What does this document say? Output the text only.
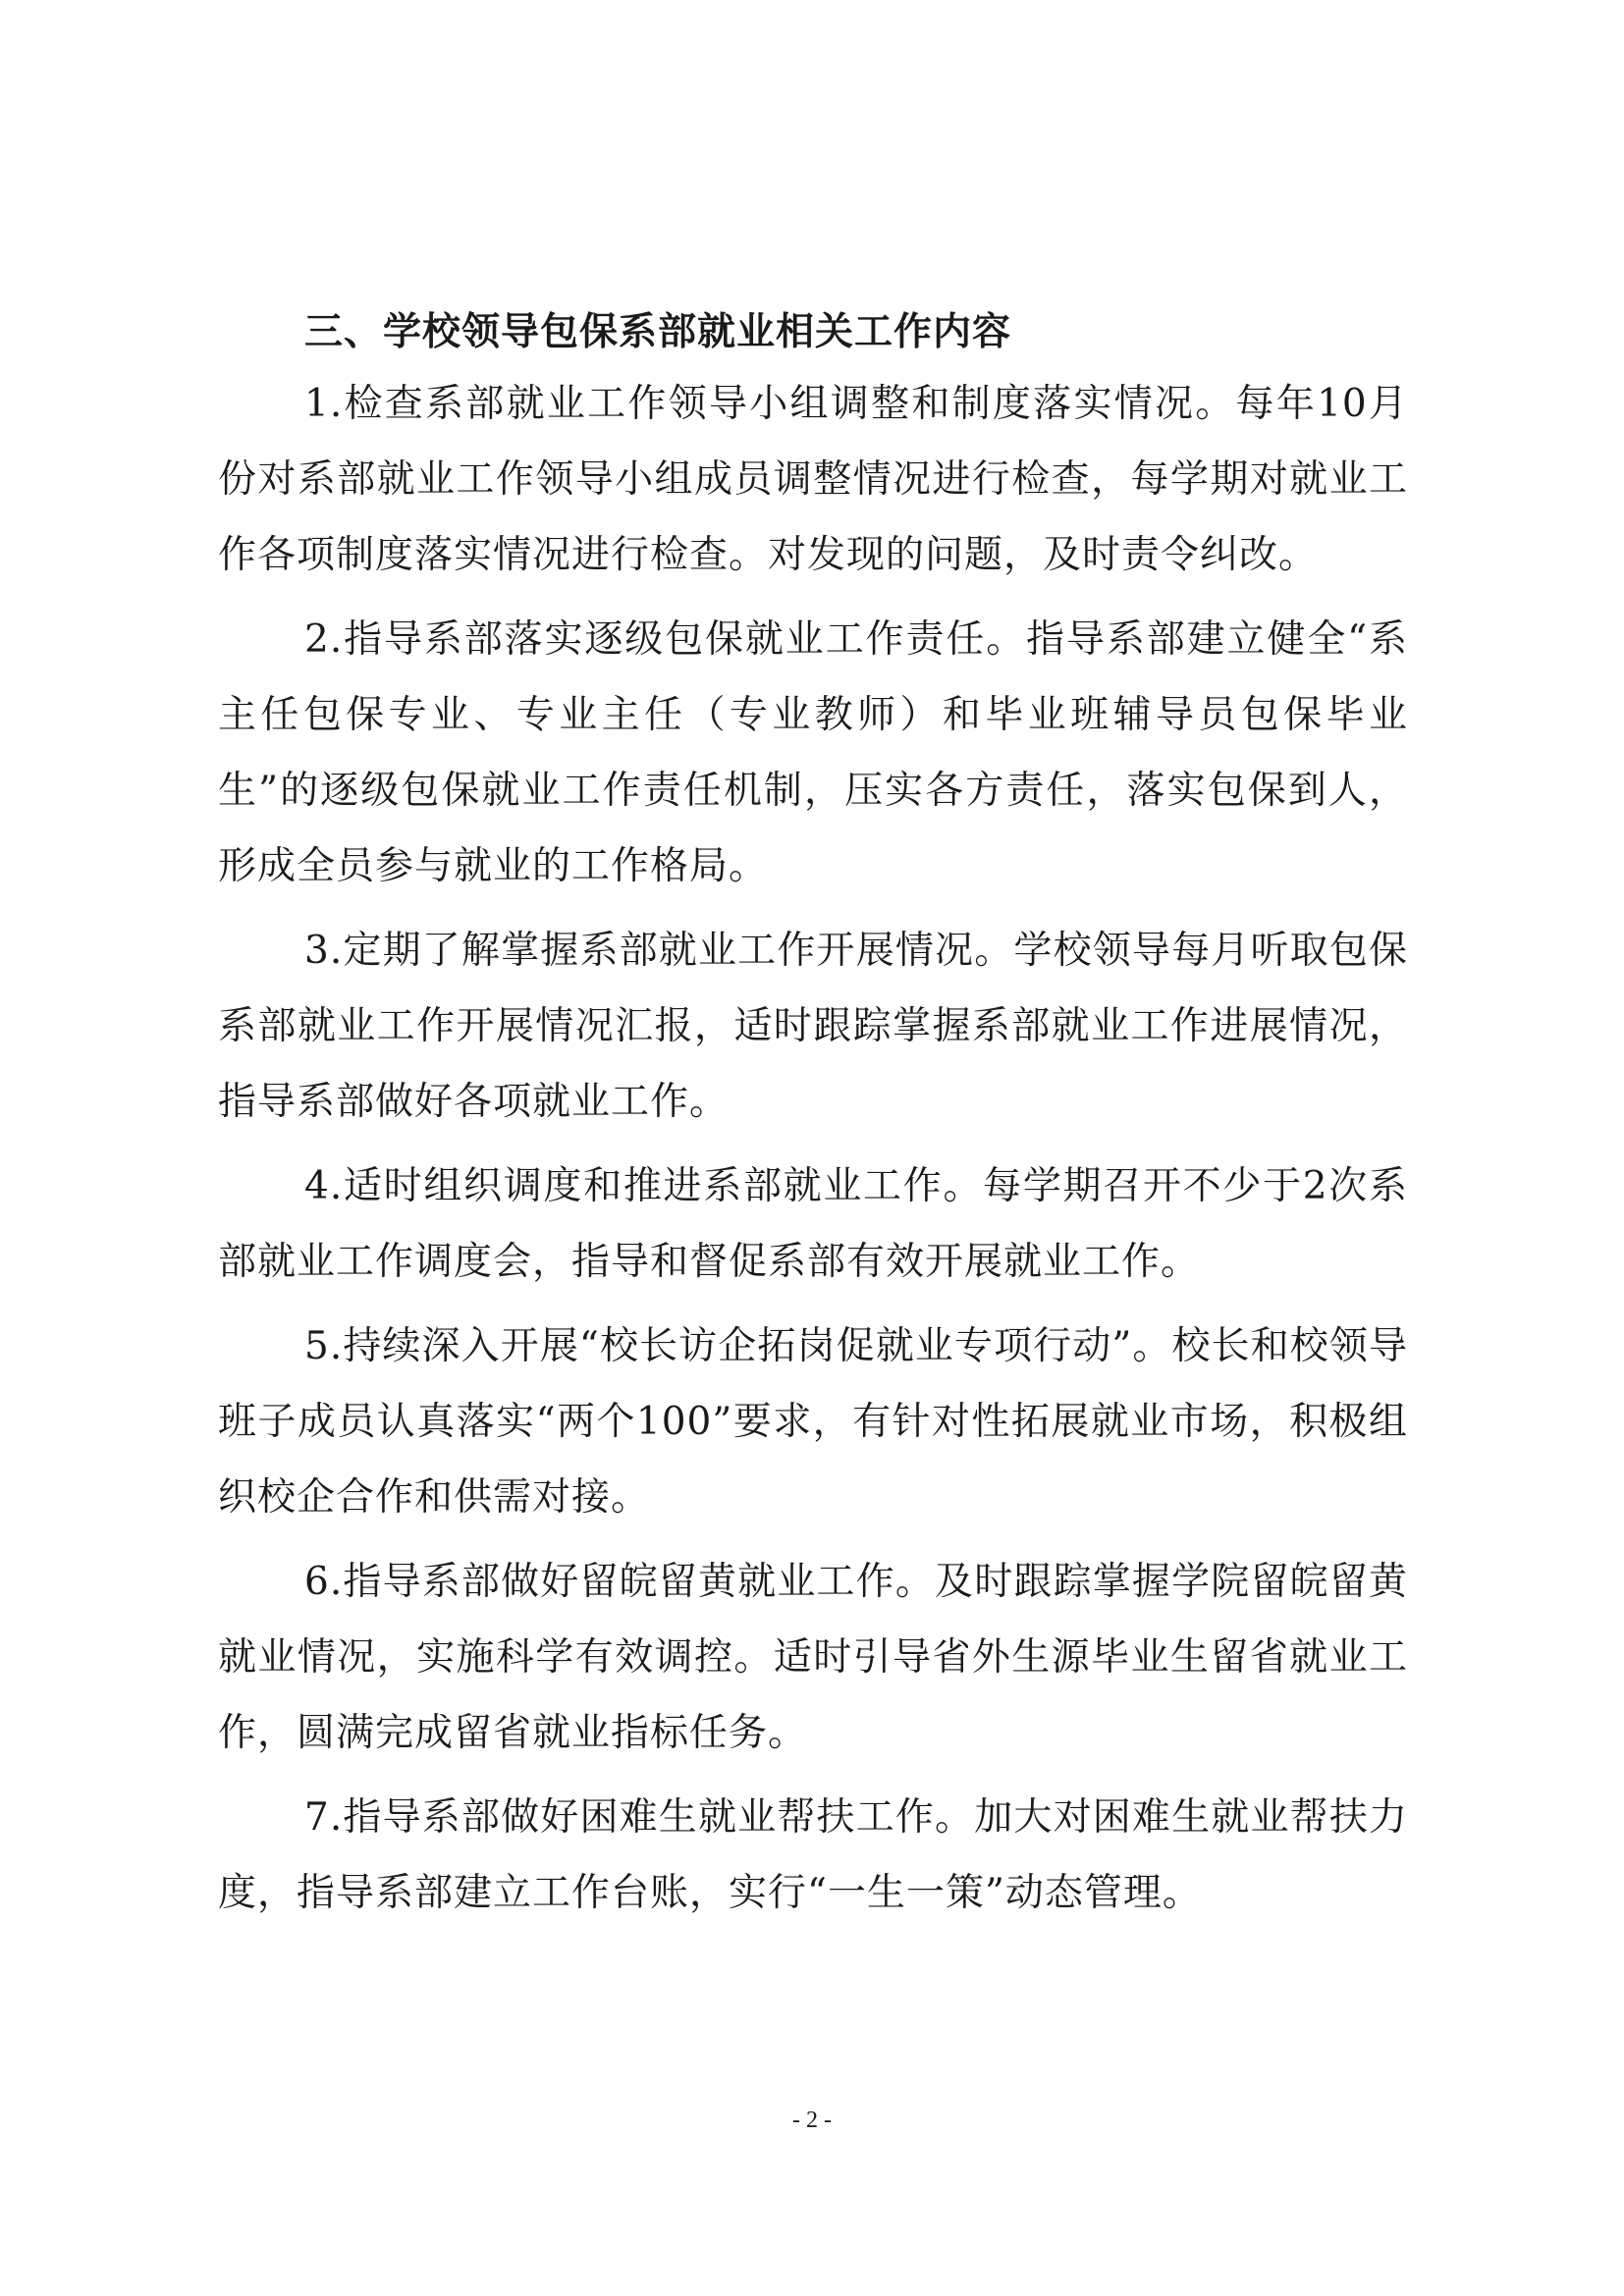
三、学校领导包保系部就业相关工作内容

1.检查系部就业工作领导小组调整和制度落实情况。每年10月份对系部就业工作领导小组成员调整情况进行检查，每学期对就业工作各项制度落实情况进行检查。对发现的问题，及时责令纠改。

2.指导系部落实逐级包保就业工作责任。指导系部建立健全“系主任包保专业、专业主任（专业教师）和毕业班辅导员包保毕业生”的逐级包保就业工作责任机制，压实各方责任，落实包保到人，形成全员参与就业的工作格局。

3.定期了解掌握系部就业工作开展情况。学校领导每月听取包保系部就业工作开展情况汇报，适时跟踪掌握系部就业工作进展情况，指导系部做好各项就业工作。

4.适时组织调度和推进系部就业工作。每学期召开不少于2次系部就业工作调度会，指导和督促系部有效开展就业工作。

5.持续深入开展“校长访企拓岗促就业专项行动”。校长和校领导班子成员认真落实“两个100”要求，有针对性拓展就业市场，积极组织校企合作和供需对接。

6.指导系部做好留皖留黄就业工作。及时跟踪掌握学院留皖留黄就业情况，实施科学有效调控。适时引导省外生源毕业生留省就业工作，圆满完成留省就业指标任务。

7.指导系部做好困难生就业帮扶工作。加大对困难生就业帮扶力度，指导系部建立工作台账，实行“一生一策”动态管理。

- 2 -
